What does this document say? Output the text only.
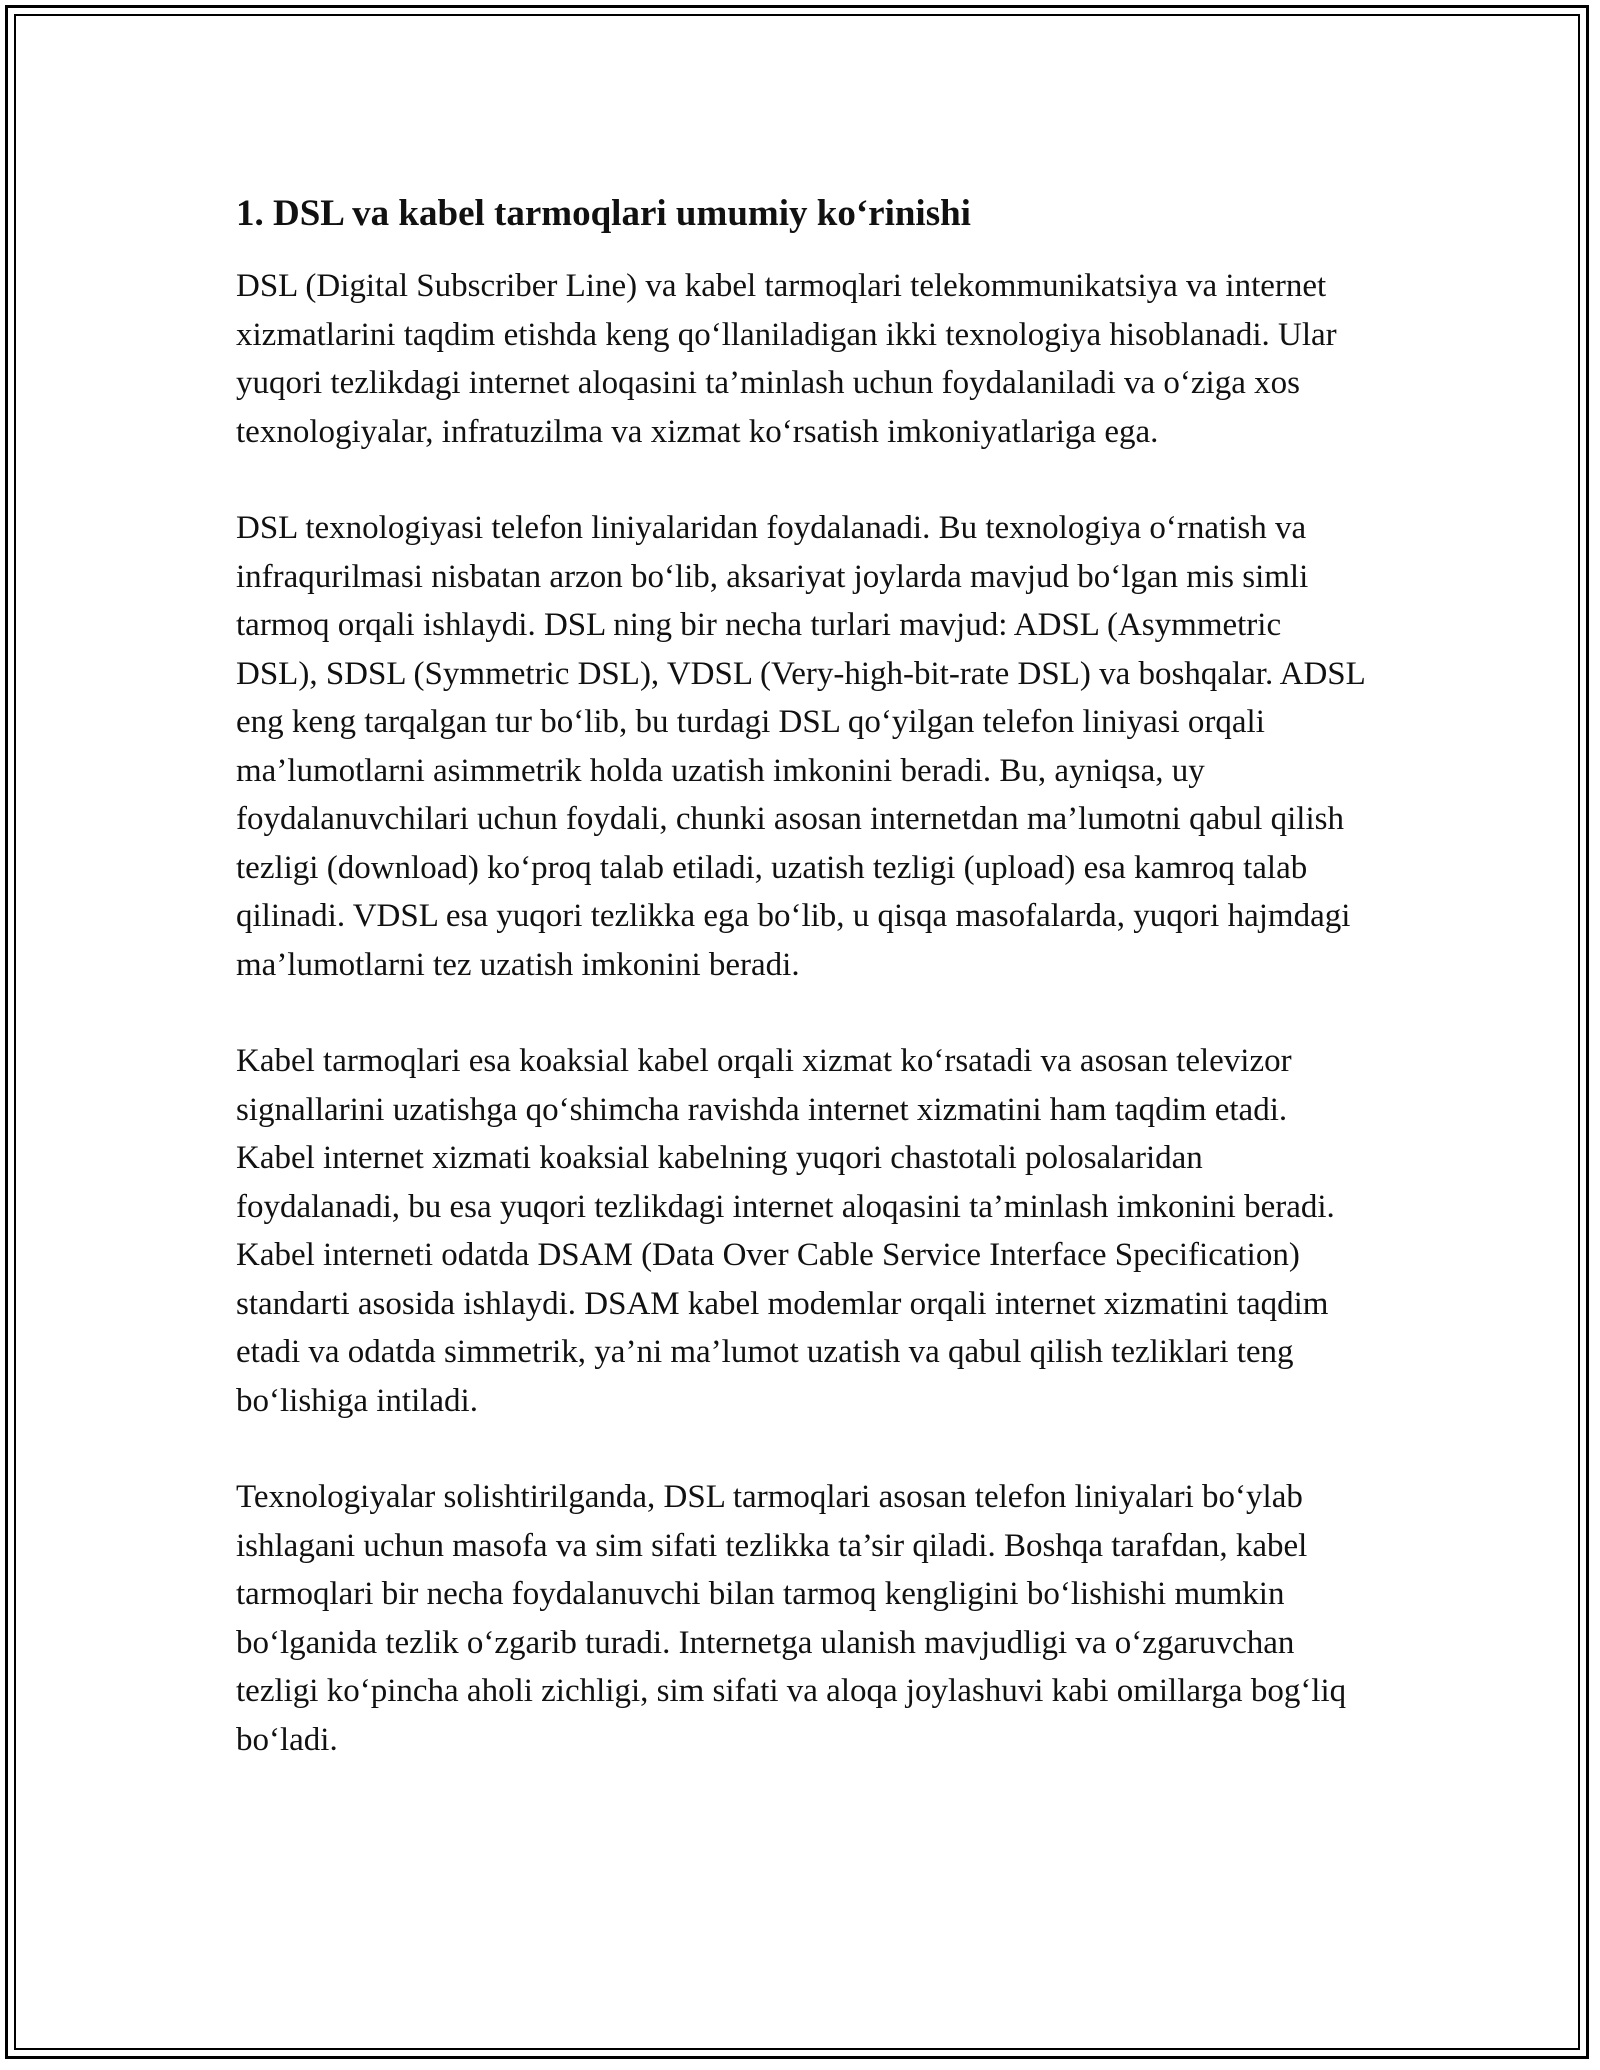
1. DSL va kabel tarmoqlari umumiy ko‘rinishi

DSL (Digital Subscriber Line) va kabel tarmoqlari telekommunikatsiya va internet xizmatlarini taqdim etishda keng qo‘llaniladigan ikki texnologiya hisoblanadi. Ular yuqori tezlikdagi internet aloqasini ta’minlash uchun foydalaniladi va o‘ziga xos texnologiyalar, infratuzilma va xizmat ko‘rsatish imkoniyatlariga ega.

DSL texnologiyasi telefon liniyalaridan foydalanadi. Bu texnologiya o‘rnatish va infraqurilmasi nisbatan arzon bo‘lib, aksariyat joylarda mavjud bo‘lgan mis simli tarmoq orqali ishlaydi. DSL ning bir necha turlari mavjud: ADSL (Asymmetric DSL), SDSL (Symmetric DSL), VDSL (Very-high-bit-rate DSL) va boshqalar. ADSL eng keng tarqalgan tur bo‘lib, bu turdagi DSL qo‘yilgan telefon liniyasi orqali ma’lumotlarni asimmetrik holda uzatish imkonini beradi. Bu, ayniqsa, uy foydalanuvchilari uchun foydali, chunki asosan internetdan ma’lumotni qabul qilish tezligi (download) ko‘proq talab etiladi, uzatish tezligi (upload) esa kamroq talab qilinadi. VDSL esa yuqori tezlikka ega bo‘lib, u qisqa masofalarda, yuqori hajmdagi ma’lumotlarni tez uzatish imkonini beradi.

Kabel tarmoqlari esa koaksial kabel orqali xizmat ko‘rsatadi va asosan televizor signallarini uzatishga qo‘shimcha ravishda internet xizmatini ham taqdim etadi. Kabel internet xizmati koaksial kabelning yuqori chastotali polosalaridan foydalanadi, bu esa yuqori tezlikdagi internet aloqasini ta’minlash imkonini beradi. Kabel interneti odatda DSAM (Data Over Cable Service Interface Specification) standarti asosida ishlaydi. DSAM kabel modemlar orqali internet xizmatini taqdim etadi va odatda simmetrik, ya’ni ma’lumot uzatish va qabul qilish tezliklari teng bo‘lishiga intiladi.

Texnologiyalar solishtirilganda, DSL tarmoqlari asosan telefon liniyalari bo‘ylab ishlagani uchun masofa va sim sifati tezlikka ta’sir qiladi. Boshqa tarafdan, kabel tarmoqlari bir necha foydalanuvchi bilan tarmoq kengligini bo‘lishishi mumkin bo‘lganida tezlik o‘zgarib turadi. Internetga ulanish mavjudligi va o‘zgaruvchan tezligi ko‘pincha aholi zichligi, sim sifati va aloqa joylashuvi kabi omillarga bog‘liq bo‘ladi.
